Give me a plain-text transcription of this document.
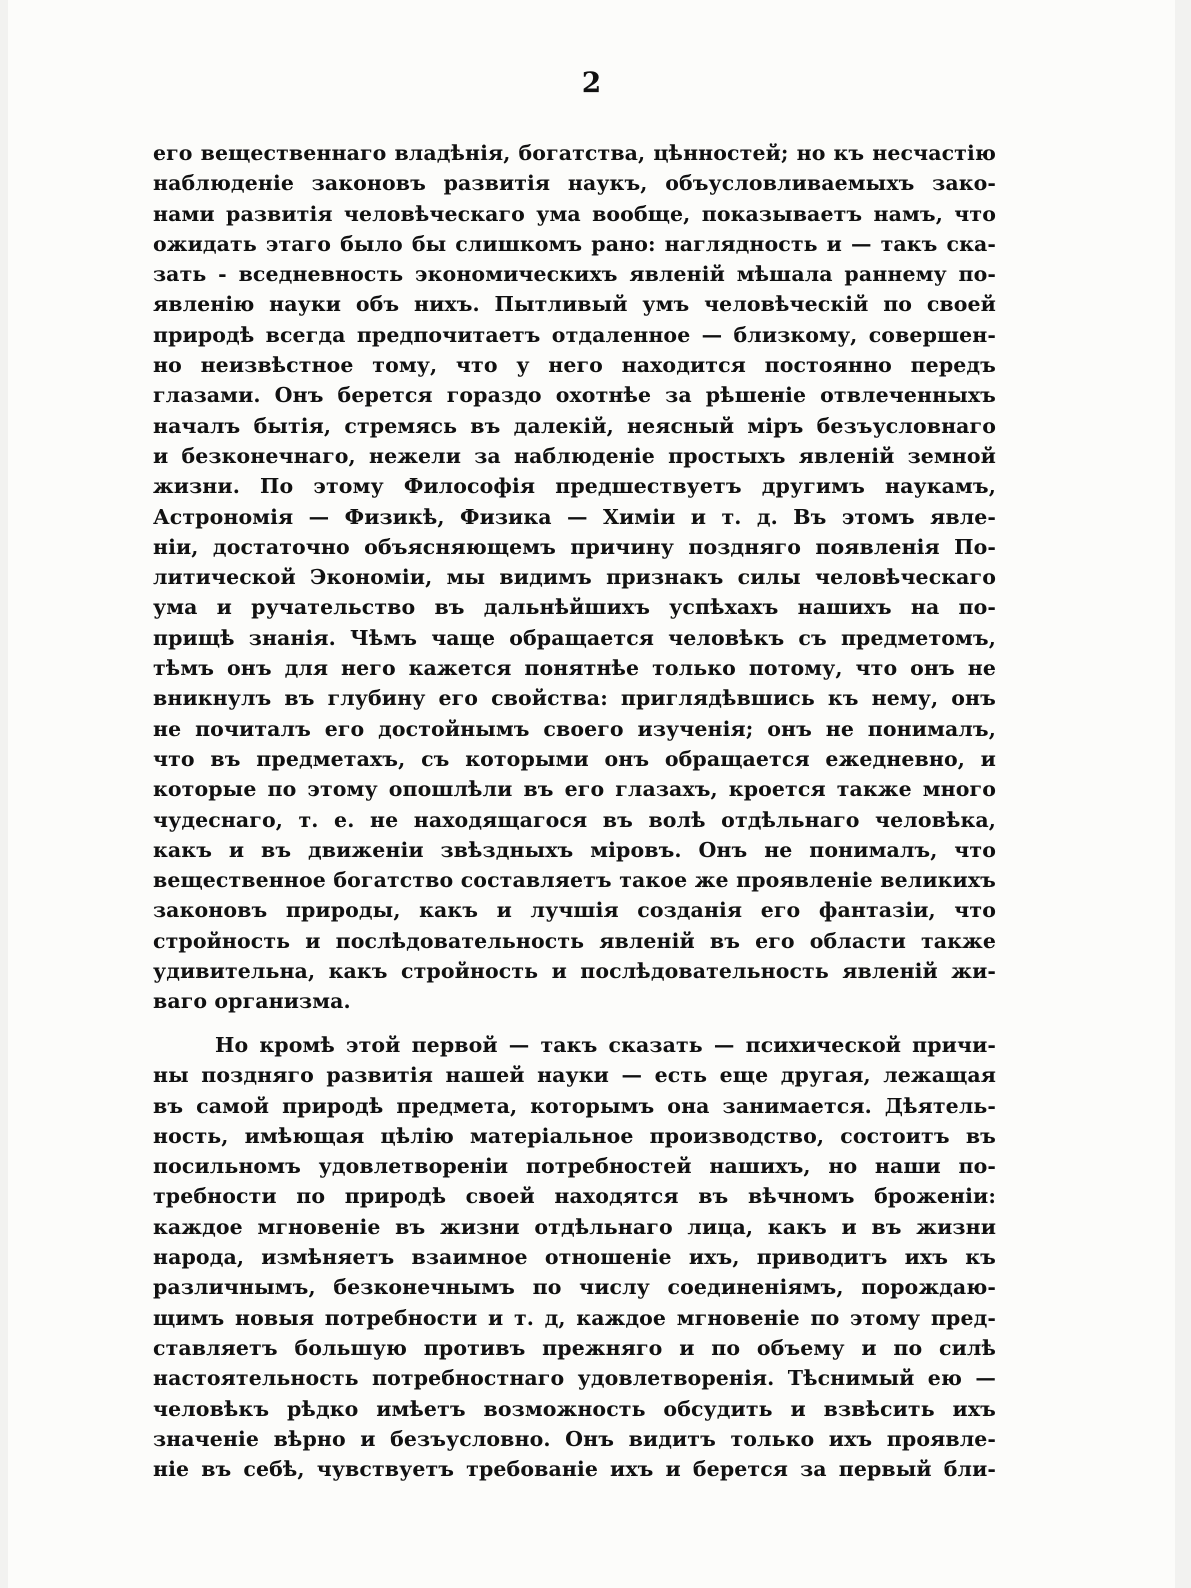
2
его вещественнаго владѣнія, богатства, цѣнностей; но къ несчастію
наблюденіе законовъ развитія наукъ, объусловливаемыхъ зако-
нами развитія человѣческаго ума вообще, показываетъ намъ, что
ожидать этаго было бы слишкомъ рано: наглядность и — такъ ска-
зать - вседневность экономическихъ явленій мѣшала раннему по-
явленію науки объ нихъ. Пытливый умъ человѣческій по своей
природѣ всегда предпочитаетъ отдаленное — близкому, совершен-
но неизвѣстное тому, что у него находится постоянно передъ
глазами. Онъ берется гораздо охотнѣе за рѣшеніе отвлеченныхъ
началъ бытія, стремясь въ далекій, неясный міръ безъусловнаго
и безконечнаго, нежели за наблюденіе простыхъ явленій земной
жизни. По этому Философія предшествуетъ другимъ наукамъ,
Астрономія — Физикѣ, Физика — Химіи и т. д. Въ этомъ явле-
ніи, достаточно объясняющемъ причину поздняго появленія По-
литической Экономіи, мы видимъ признакъ силы человѣческаго
ума и ручательство въ дальнѣйшихъ успѣхахъ нашихъ на по-
прищѣ знанія. Чѣмъ чаще обращается человѣкъ съ предметомъ,
тѣмъ онъ для него кажется понятнѣе только потому, что онъ не
вникнулъ въ глубину его свойства: приглядѣвшись къ нему, онъ
не почиталъ его достойнымъ своего изученія; онъ не понималъ,
что въ предметахъ, съ которыми онъ обращается ежедневно, и
которые по этому опошлѣли въ его глазахъ, кроется также много
чудеснаго, т. е. не находящагося въ волѣ отдѣльнаго человѣка,
какъ и въ движеніи звѣздныхъ міровъ. Онъ не понималъ, что
вещественное богатство составляетъ такое же проявленіе великихъ
законовъ природы, какъ и лучшія созданія его фантазіи, что
стройность и послѣдовательность явленій въ его области также
удивительна, какъ стройность и послѣдовательность явленій жи-
ваго организма.
Но кромѣ этой первой — такъ сказать — психической причи-
ны поздняго развитія нашей науки — есть еще другая, лежащая
въ самой природѣ предмета, которымъ она занимается. Дѣятель-
ность, имѣющая цѣлію матеріальное производство, состоитъ въ
посильномъ удовлетвореніи потребностей нашихъ, но наши по-
требности по природѣ своей находятся въ вѣчномъ броженіи:
каждое мгновеніе въ жизни отдѣльнаго лица, какъ и въ жизни
народа, измѣняетъ взаимное отношеніе ихъ, приводитъ ихъ къ
различнымъ, безконечнымъ по числу соединеніямъ, порождаю-
щимъ новыя потребности и т. д, каждое мгновеніе по этому пред-
ставляетъ большую противъ прежняго и по объему и по силѣ
настоятельность потребностнаго удовлетворенія. Тѣснимый ею —
человѣкъ рѣдко имѣетъ возможность обсудить и взвѣсить ихъ
значеніе вѣрно и безъусловно. Онъ видитъ только ихъ проявле-
ніе въ себѣ, чувствуетъ требованіе ихъ и берется за первый бли-
